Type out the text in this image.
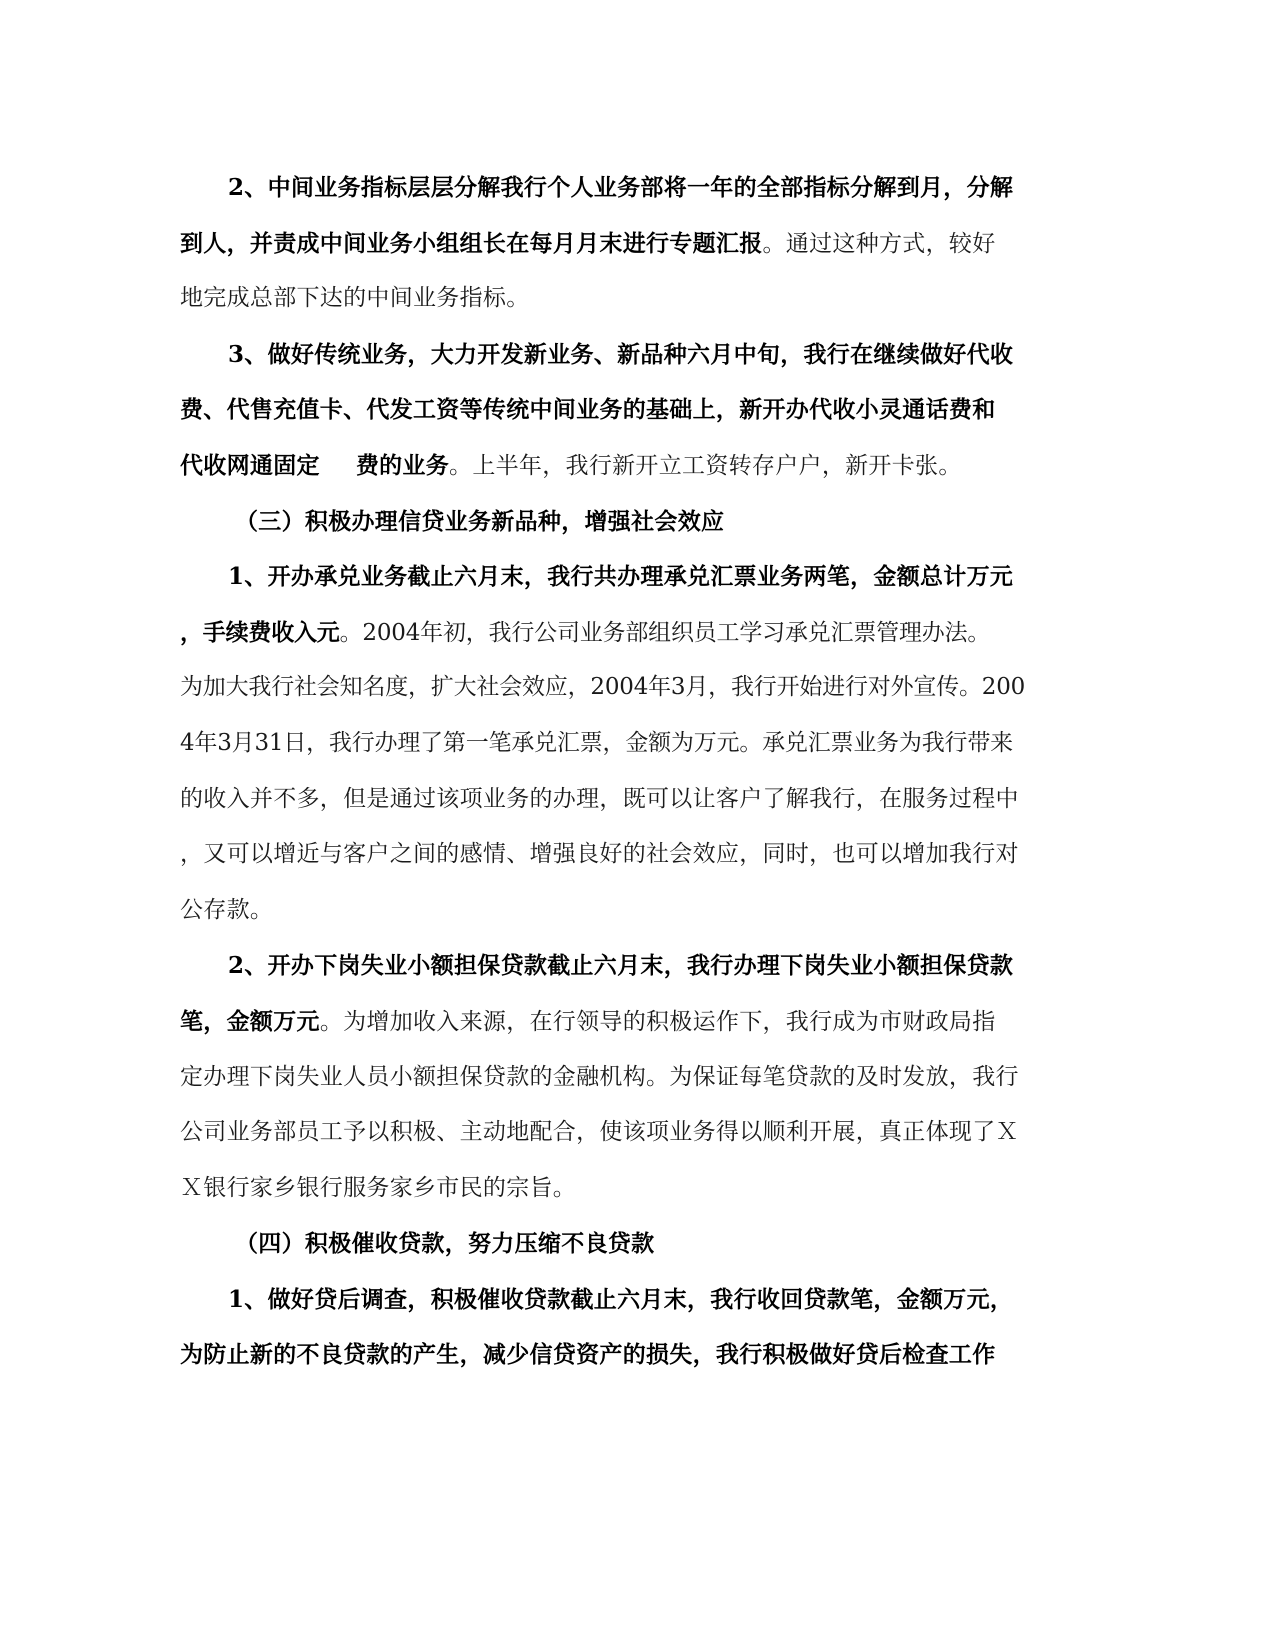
2、中间业务指标层层分解我行个人业务部将一年的全部指标分解到月，分解
到人，并责成中间业务小组组长在每月月末进行专题汇报。通过这种方式，较好
地完成总部下达的中间业务指标。
3、做好传统业务，大力开发新业务、新品种六月中旬，我行在继续做好代收
费、代售充值卡、代发工资等传统中间业务的基础上，新开办代收小灵通话费和
代收网通固定 费的业务。上半年，我行新开立工资转存户户，新开卡张。
（三）积极办理信贷业务新品种，增强社会效应
1、开办承兑业务截止六月末，我行共办理承兑汇票业务两笔，金额总计万元
，手续费收入元。2004年初，我行公司业务部组织员工学习承兑汇票管理办法。
为加大我行社会知名度，扩大社会效应，2004年3月，我行开始进行对外宣传。200
4年3月31日，我行办理了第一笔承兑汇票，金额为万元。承兑汇票业务为我行带来
的收入并不多，但是通过该项业务的办理，既可以让客户了解我行，在服务过程中
，又可以增近与客户之间的感情、增强良好的社会效应，同时，也可以增加我行对
公存款。
2、开办下岗失业小额担保贷款截止六月末，我行办理下岗失业小额担保贷款
笔，金额万元。为增加收入来源，在行领导的积极运作下，我行成为市财政局指
定办理下岗失业人员小额担保贷款的金融机构。为保证每笔贷款的及时发放，我行
公司业务部员工予以积极、主动地配合，使该项业务得以顺利开展，真正体现了Ｘ
Ｘ银行家乡银行服务家乡市民的宗旨。
（四）积极催收贷款，努力压缩不良贷款
1、做好贷后调查，积极催收贷款截止六月末，我行收回贷款笔，金额万元，
为防止新的不良贷款的产生，减少信贷资产的损失，我行积极做好贷后检查工作
